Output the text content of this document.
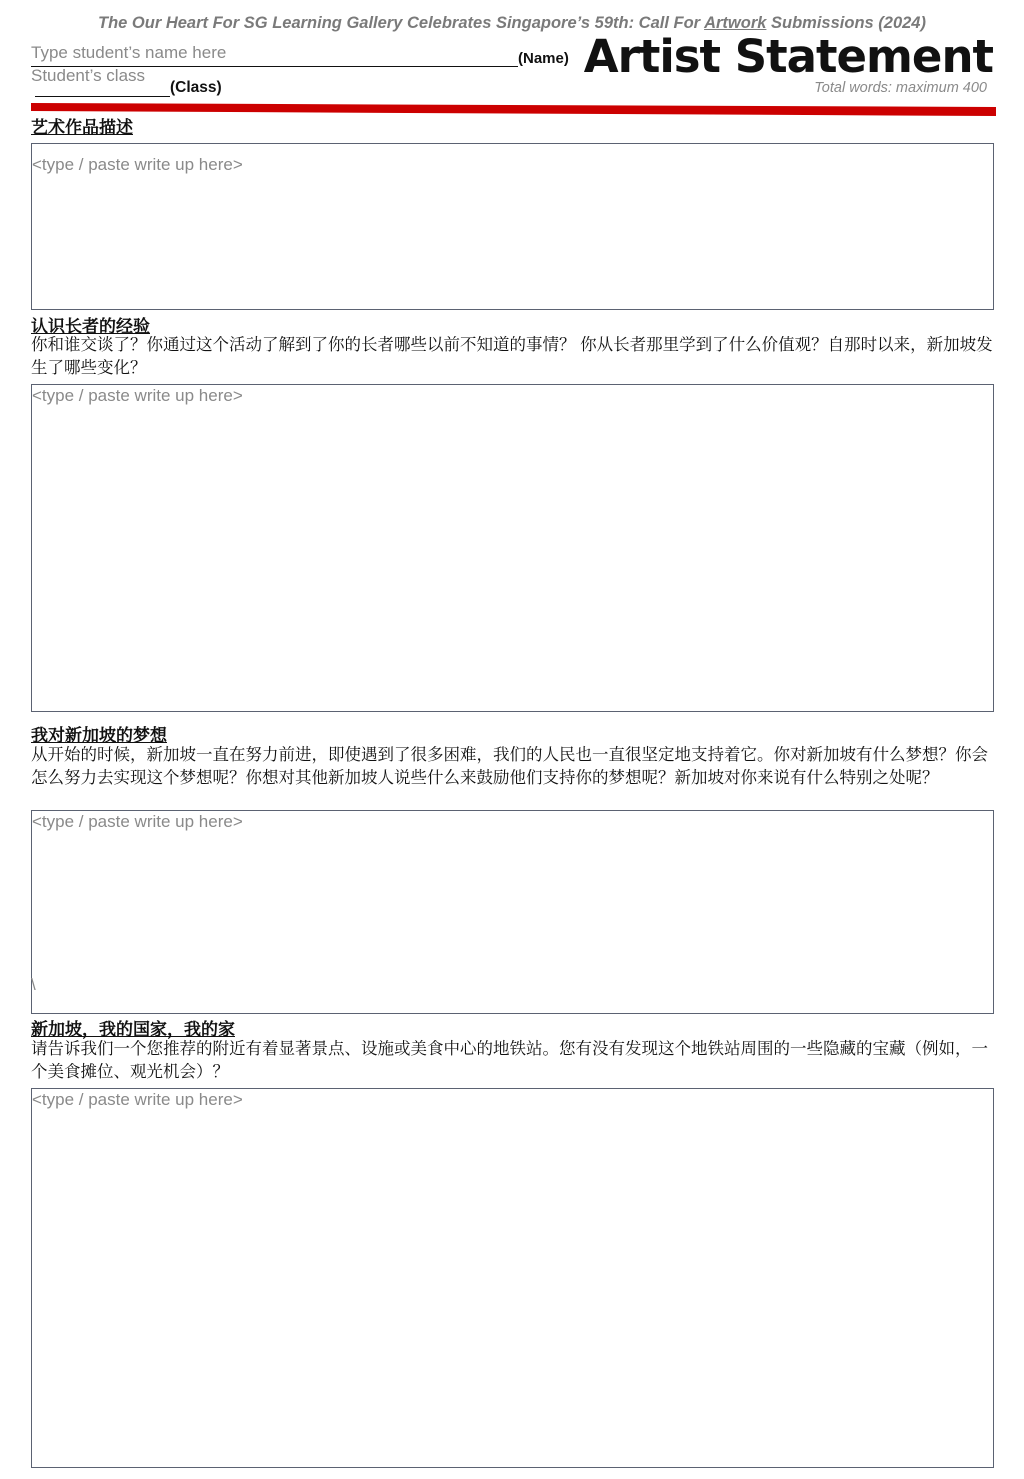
The Our Heart For SG Learning Gallery Celebrates Singapore’s 59th: Call For Artwork Submissions (2024)
Type student’s name here
(Name)
Student’s class
(Class)
Artist Statement
Total words: maximum 400
艺术作品描述
<type / paste write up here>
认识长者的经验
你和谁交谈了？你通过这个活动了解到了你的长者哪些以前不知道的事情？ 你从长者那里学到了什么价值观？自那时以来，新加坡发生了哪些变化？
<type / paste write up here>
我对新加坡的梦想
从开始的时候，新加坡一直在努力前进，即使遇到了很多困难，我们的人民也一直很坚定地支持着它。你对新加坡有什么梦想？你会怎么努力去实现这个梦想呢？你想对其他新加坡人说些什么来鼓励他们支持你的梦想呢？新加坡对你来说有什么特别之处呢？
<type / paste write up here>
\
新加坡，我的国家，我的家
请告诉我们一个您推荐的附近有着显著景点、设施或美食中心的地铁站。您有没有发现这个地铁站周围的一些隐藏的宝藏（例如，一个美食摊位、观光机会）？
<type / paste write up here>
